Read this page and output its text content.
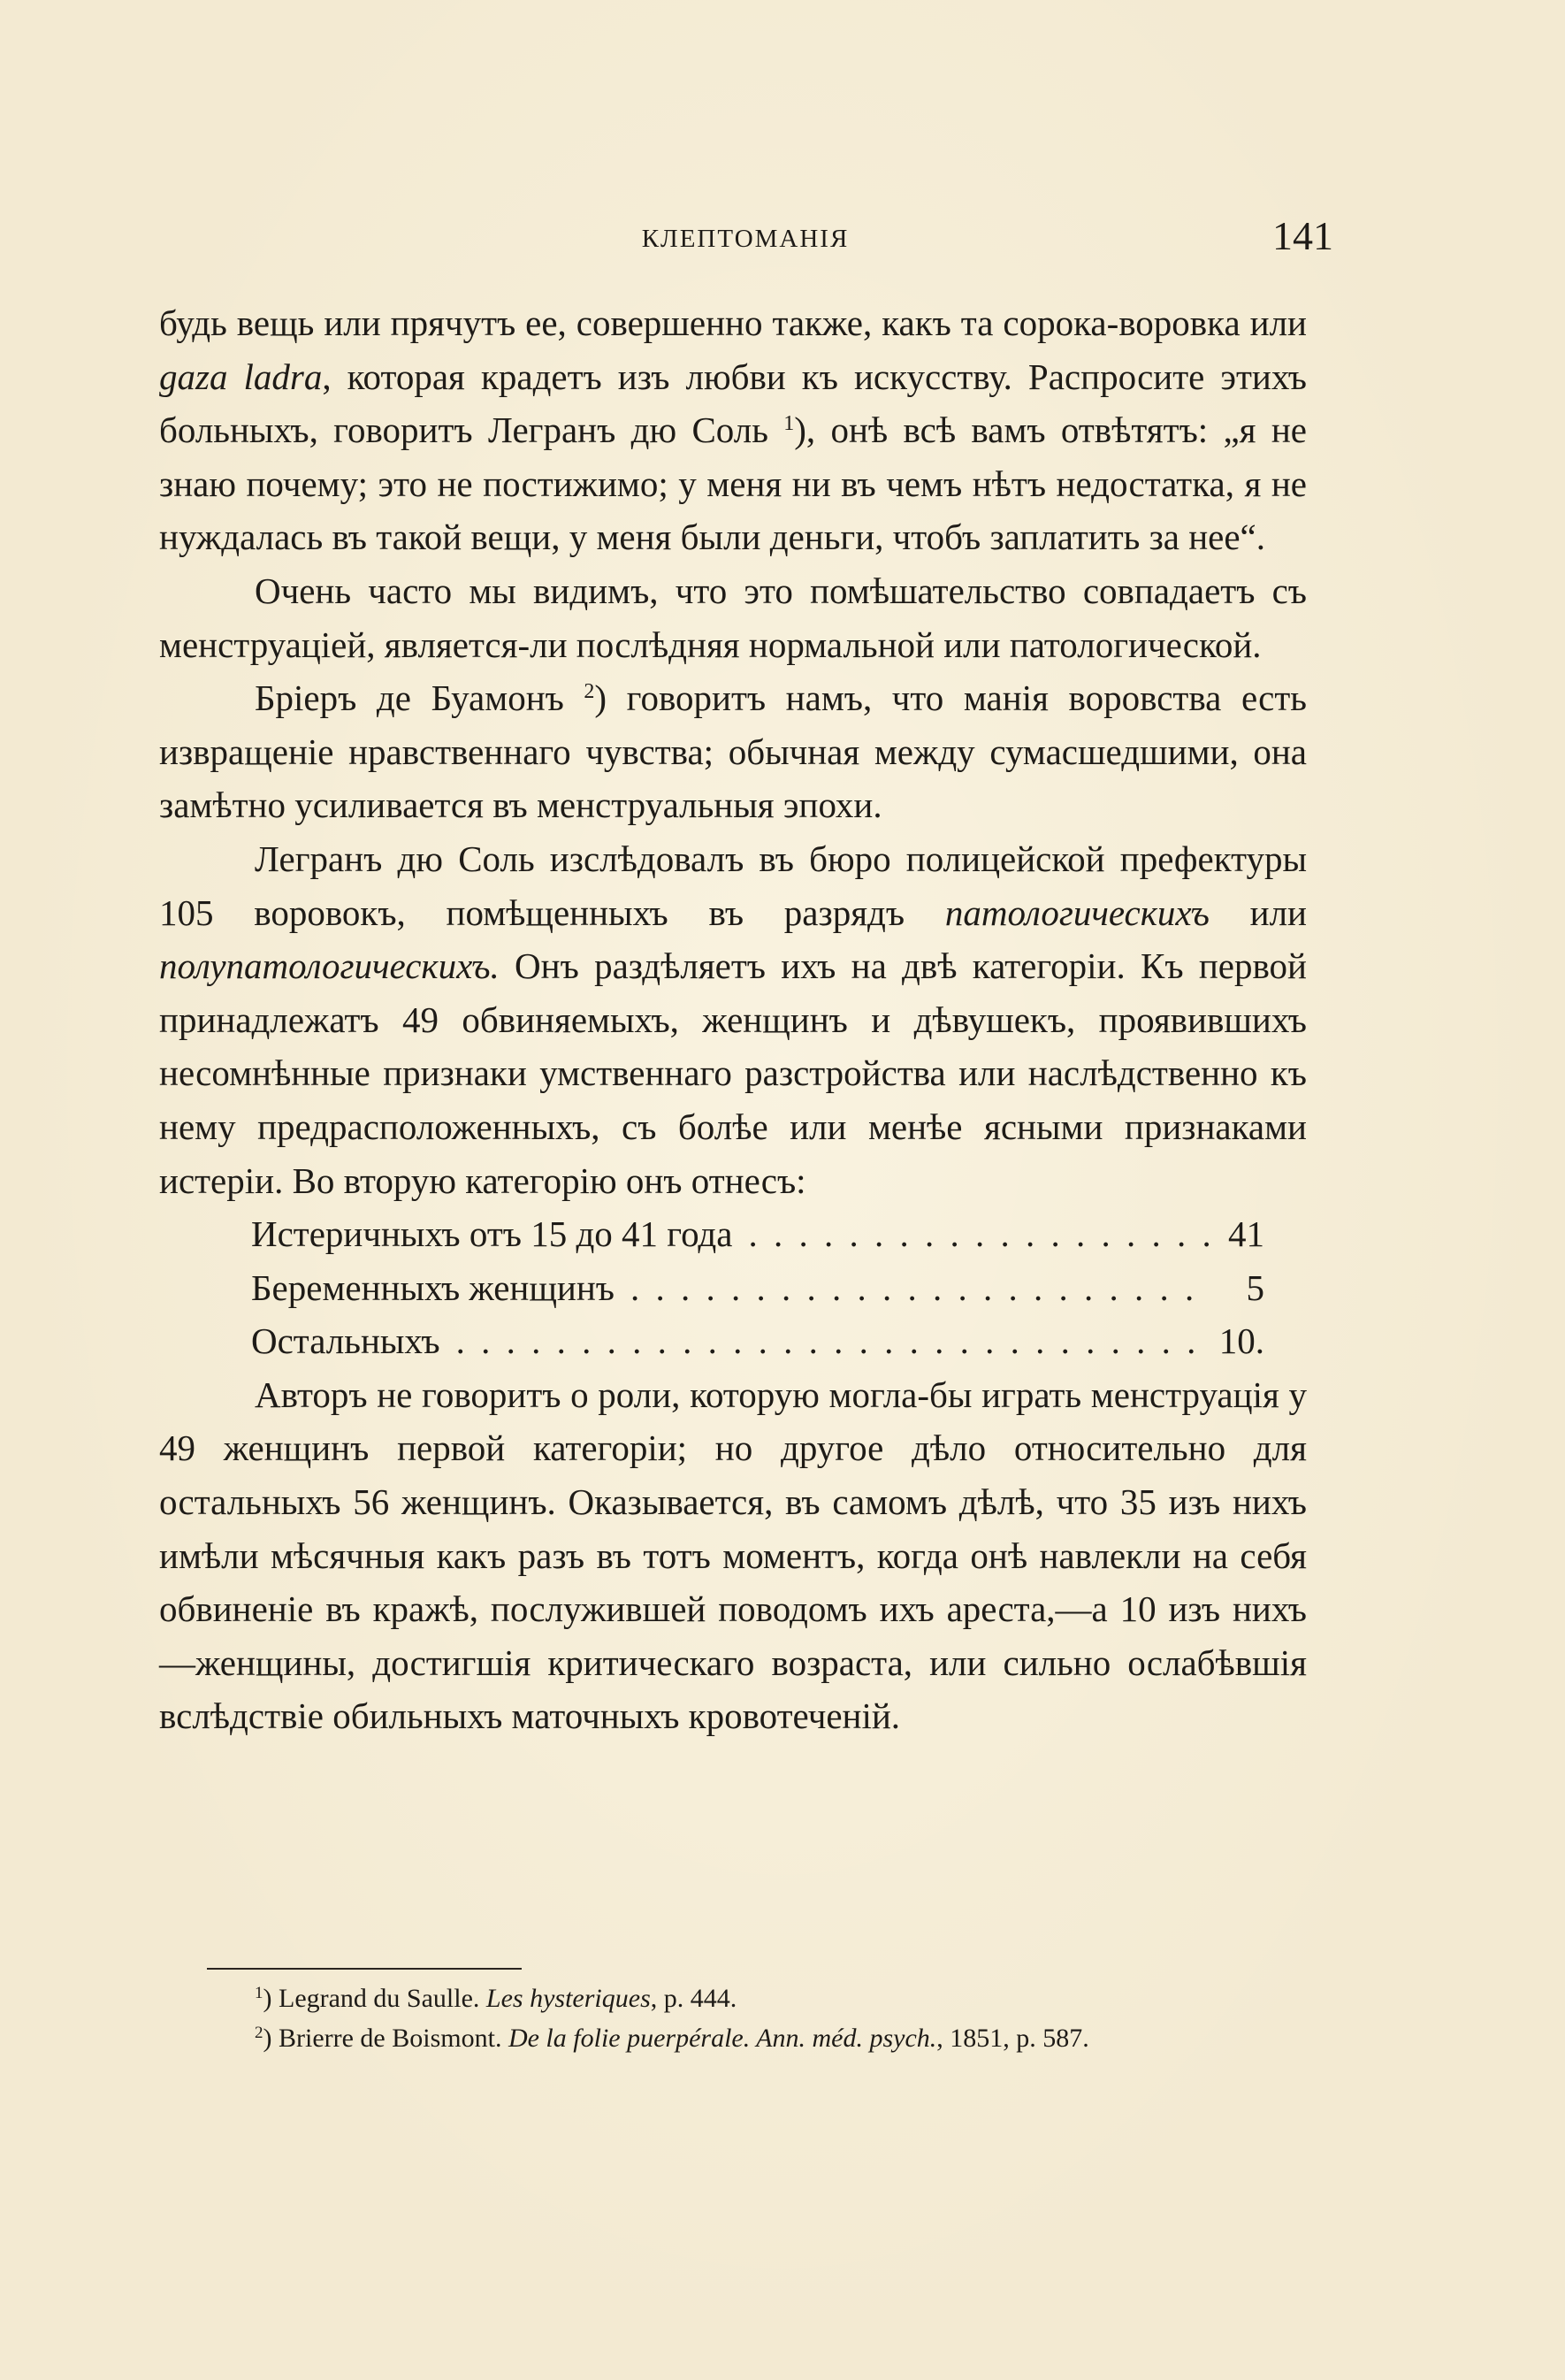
КЛЕПТОМАНІЯ	141

будь вещь или прячутъ ее, совершенно также, какъ та сорока-воровка или gaza ladra, которая крадетъ изъ любви къ искусству. Распросите этихъ больныхъ, говоритъ Легранъ дю Соль $^1$), онѣ всѣ вамъ отвѣтятъ: „я не знаю почему; это не постижимо; у меня ни въ чемъ нѣтъ недостатка, я не нуждалась въ такой вещи, у меня были деньги, чтобъ заплатить за нее“.

Очень часто мы видимъ, что это помѣшательство совпадаетъ съ менструаціей, является-ли послѣдняя нормальной или патологической.

Бріеръ де Буамонъ $^2$) говоритъ намъ, что манія воровства есть извращеніе нравственнаго чувства; обычная между сумасшедшими, она замѣтно усиливается въ менструальныя эпохи.

Легранъ дю Соль изслѣдовалъ въ бюро полицейской префектуры 105 воровокъ, помѣщенныхъ въ разрядъ патологическихъ или полупатологическихъ. Онъ раздѣляетъ ихъ на двѣ категоріи. Къ первой принадлежатъ 49 обвиняемыхъ, женщинъ и дѣвушекъ, проявившихъ несомнѣнные признаки умственнаго разстройства или наслѣдственно къ нему предрасположенныхъ, съ болѣе или менѣе ясными признаками истеріи. Во вторую категорію онъ отнесъ:

Истеричныхъ отъ 15 до 41 года . . .	41
Беременныхъ женщинъ . . .	5
Остальныхъ . . .	10.

Авторъ не говоритъ о роли, которую могла-бы играть менструація у 49 женщинъ первой категоріи; но другое дѣло относительно для остальныхъ 56 женщинъ. Оказывается, въ самомъ дѣлѣ, что 35 изъ нихъ имѣли мѣсячныя какъ разъ въ тотъ моментъ, когда онѣ навлекли на себя обвиненіе въ кражѣ, послужившей поводомъ ихъ ареста,—а 10 изъ нихъ—женщины, достигшія критическаго возраста, или сильно ослабѣвшія вслѣдствіе обильныхъ маточныхъ кровотеченій.

$^1$) Legrand du Saulle. Les hysteriques, p. 444.

$^2$) Brierre de Boismont. De la folie puerpérale. Ann. méd. psych., 1851, p. 587.
